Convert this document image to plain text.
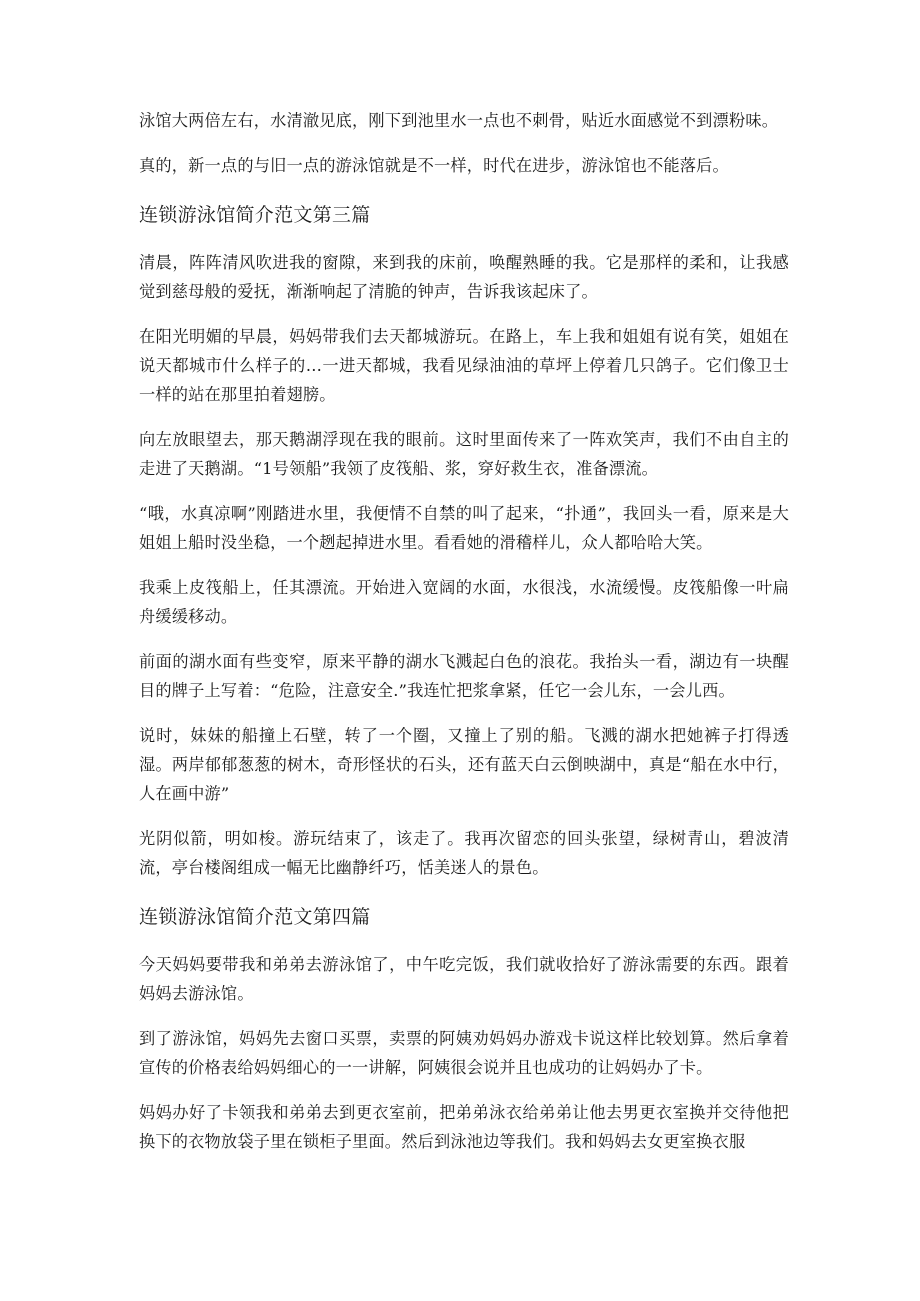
泳馆大两倍左右，水清澈见底，刚下到池里水一点也不刺骨，贴近水面感觉不到漂粉味。

真的，新一点的与旧一点的游泳馆就是不一样，时代在进步，游泳馆也不能落后。

连锁游泳馆简介范文第三篇

清晨，阵阵清风吹进我的窗隙，来到我的床前，唤醒熟睡的我。它是那样的柔和，让我感觉到慈母般的爱抚，渐渐响起了清脆的钟声，告诉我该起床了。

在阳光明媚的早晨，妈妈带我们去天都城游玩。在路上，车上我和姐姐有说有笑，姐姐在说天都城市什么样子的…一进天都城，我看见绿油油的草坪上停着几只鸽子。它们像卫士一样的站在那里拍着翅膀。

向左放眼望去，那天鹅湖浮现在我的眼前。这时里面传来了一阵欢笑声，我们不由自主的走进了天鹅湖。“1号领船”我领了皮筏船、浆，穿好救生衣，准备漂流。

“哦，水真凉啊”刚踏进水里，我便情不自禁的叫了起来，“扑通”，我回头一看，原来是大姐姐上船时没坐稳，一个趔起掉进水里。看看她的滑稽样儿，众人都哈哈大笑。

我乘上皮筏船上，任其漂流。开始进入宽阔的水面，水很浅，水流缓慢。皮筏船像一叶扁舟缓缓移动。

前面的湖水面有些变窄，原来平静的湖水飞溅起白色的浪花。我抬头一看，湖边有一块醒目的牌子上写着：“危险，注意安全.”我连忙把浆拿紧，任它一会儿东，一会儿西。

说时，妹妹的船撞上石壁，转了一个圈，又撞上了别的船。飞溅的湖水把她裤子打得透湿。两岸郁郁葱葱的树木，奇形怪状的石头，还有蓝天白云倒映湖中，真是“船在水中行，人在画中游”

光阴似箭，明如梭。游玩结束了，该走了。我再次留恋的回头张望，绿树青山，碧波清流，亭台楼阁组成一幅无比幽静纤巧，恬美迷人的景色。

连锁游泳馆简介范文第四篇

今天妈妈要带我和弟弟去游泳馆了，中午吃完饭，我们就收拾好了游泳需要的东西。跟着妈妈去游泳馆。

到了游泳馆，妈妈先去窗口买票，卖票的阿姨劝妈妈办游戏卡说这样比较划算。然后拿着宣传的价格表给妈妈细心的一一讲解，阿姨很会说并且也成功的让妈妈办了卡。

妈妈办好了卡领我和弟弟去到更衣室前，把弟弟泳衣给弟弟让他去男更衣室换并交待他把换下的衣物放袋子里在锁柜子里面。然后到泳池边等我们。我和妈妈去女更室换衣服
